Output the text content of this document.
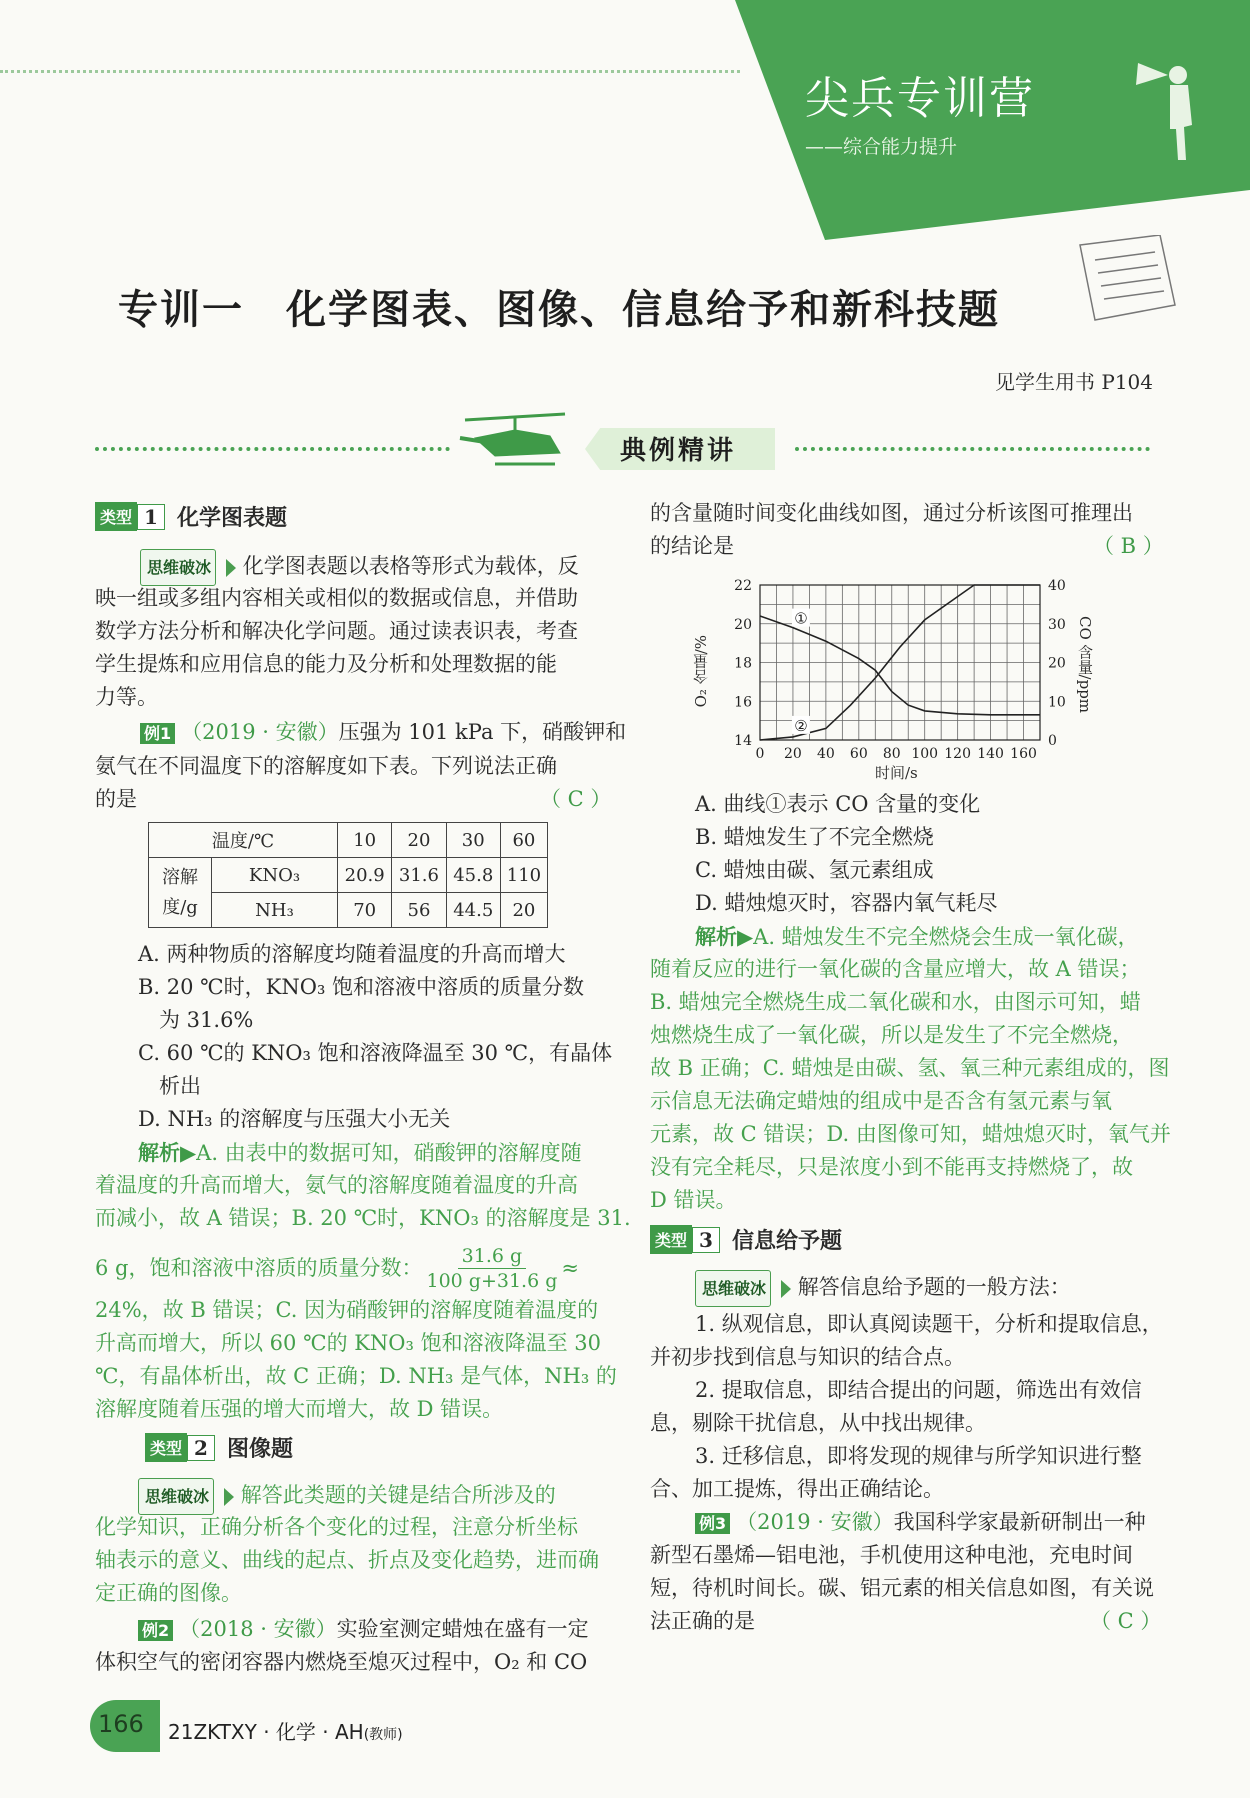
尖兵专训营
——综合能力提升
专训一　化学图表、图像、信息给予和新科技题
见学生用书 P104
典例精讲
类型 1 化学图表题
思维破冰 化学图表题以表格等形式为载体，反
映一组或多组内容相关或相似的数据或信息，并借助
数学方法分析和解决化学问题。通过读表识表，考查
学生提炼和应用信息的能力及分析和处理数据的能
力等。
例1 （2019 · 安徽）压强为 101 kPa 下，硝酸钾和
氨气在不同温度下的溶解度如下表。下列说法正确
的是	（ C ）
温度/℃		10	20	30	60
溶解度/g	KNO₃	20.9	31.6	45.8	110
	NH₃	70	56	44.5	20
A. 两种物质的溶解度均随着温度的升高而增大
B. 20 ℃时，KNO₃ 饱和溶液中溶质的质量分数
　为 31.6%
C. 60 ℃的 KNO₃ 饱和溶液降温至 30 ℃，有晶体
　析出
D. NH₃ 的溶解度与压强大小无关
解析▶A. 由表中的数据可知，硝酸钾的溶解度随
着温度的升高而增大，氨气的溶解度随着温度的升高
而减小，故 A 错误；B. 20 ℃时，KNO₃ 的溶解度是 31.
6 g，饱和溶液中溶质的质量分数： $\frac{31.6 g}{100 g+31.6 g}$ ≈
24%，故 B 错误；C. 因为硝酸钾的溶解度随着温度的
升高而增大，所以 60 ℃的 KNO₃ 饱和溶液降温至 30
℃，有晶体析出，故 C 正确；D. NH₃ 是气体，NH₃ 的
溶解度随着压强的增大而增大，故 D 错误。
类型 2 图像题
思维破冰 解答此类题的关键是结合所涉及的
化学知识，正确分析各个变化的过程，注意分析坐标
轴表示的意义、曲线的起点、折点及变化趋势，进而确
定正确的图像。
例2 （2018 · 安徽）实验室测定蜡烛在盛有一定
体积空气的密闭容器内燃烧至熄灭过程中，O₂ 和 CO
166 21ZKTXY · 化学 · AH(教师)
的含量随时间变化曲线如图，通过分析该图可推理出
的结论是	（ B ）
0 20 40 60 80 100 120 140 160
14
16
18
20
22
0
10
20
30
40
①
②
O₂ 含量/%	CO 含量/ppm
时间/s
A. 曲线①表示 CO 含量的变化
B. 蜡烛发生了不完全燃烧
C. 蜡烛由碳、氢元素组成
D. 蜡烛熄灭时，容器内氧气耗尽
解析▶A. 蜡烛发生不完全燃烧会生成一氧化碳，
随着反应的进行一氧化碳的含量应增大，故 A 错误；
B. 蜡烛完全燃烧生成二氧化碳和水，由图示可知，蜡
烛燃烧生成了一氧化碳，所以是发生了不完全燃烧，
故 B 正确；C. 蜡烛是由碳、氢、氧三种元素组成的，图
示信息无法确定蜡烛的组成中是否含有氢元素与氧
元素，故 C 错误；D. 由图像可知，蜡烛熄灭时，氧气并
没有完全耗尽，只是浓度小到不能再支持燃烧了，故
D 错误。
类型 3 信息给予题
思维破冰 解答信息给予题的一般方法：
1. 纵观信息，即认真阅读题干，分析和提取信息，
并初步找到信息与知识的结合点。
2. 提取信息，即结合提出的问题，筛选出有效信
息，剔除干扰信息，从中找出规律。
3. 迁移信息，即将发现的规律与所学知识进行整
合、加工提炼，得出正确结论。
例3 （2019 · 安徽）我国科学家最新研制出一种
新型石墨烯—铝电池，手机使用这种电池，充电时间
短，待机时间长。碳、铝元素的相关信息如图，有关说
法正确的是	（ C ）
